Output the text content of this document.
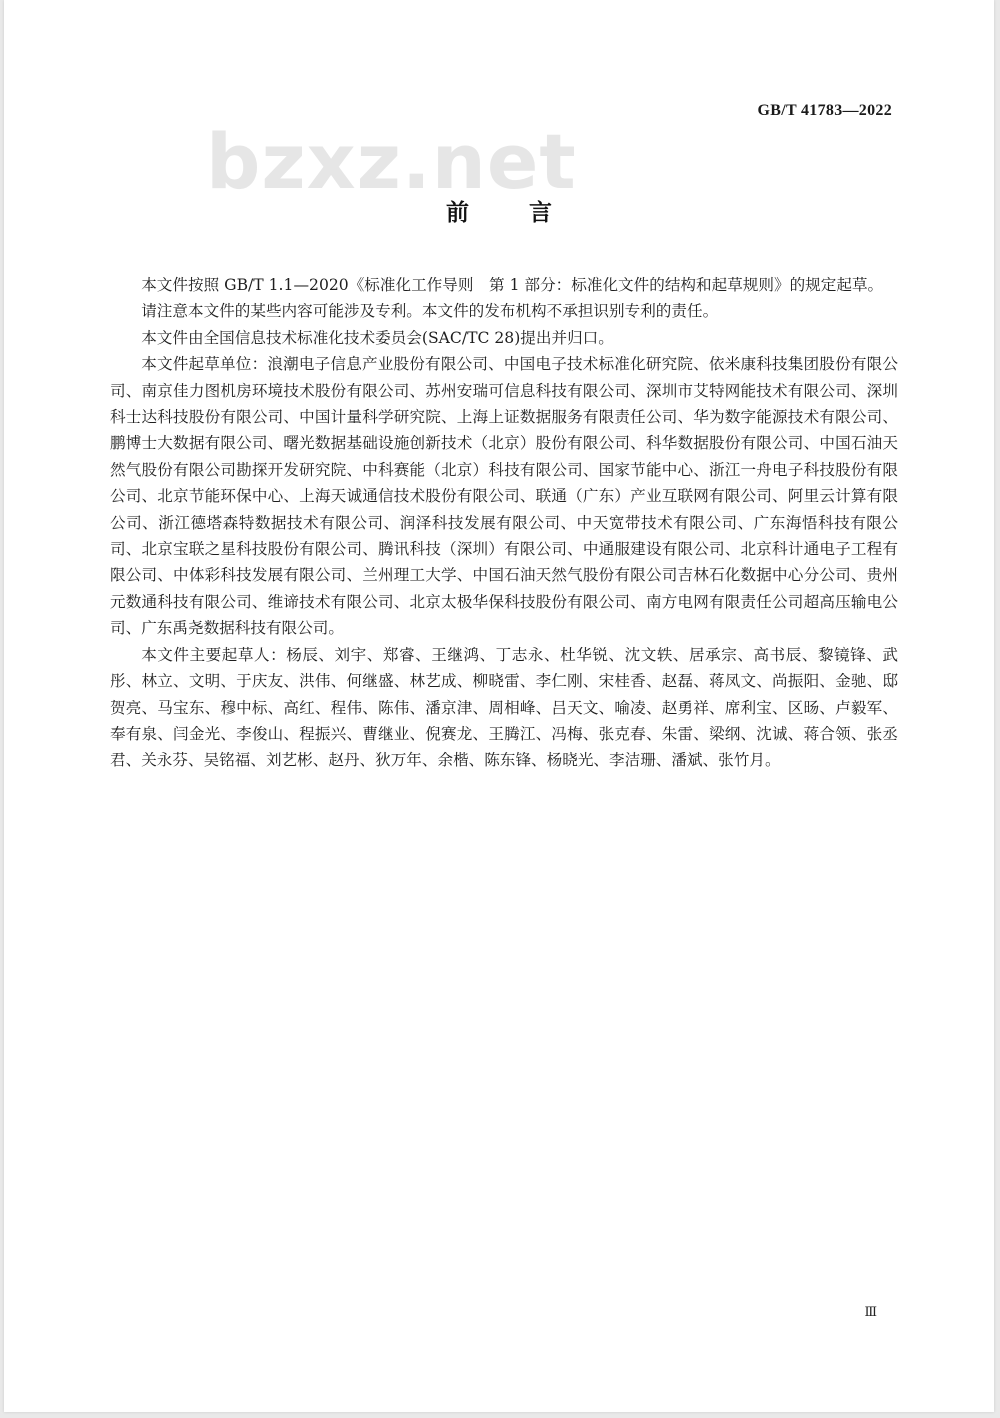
GB/T 41783—2022
bzxz.net
前 言

本文件按照 GB/T 1.1—2020《标准化工作导则　第 1 部分：标准化文件的结构和起草规则》的规定起草。

请注意本文件的某些内容可能涉及专利。本文件的发布机构不承担识别专利的责任。

本文件由全国信息技术标准化技术委员会(SAC/TC 28)提出并归口。

本文件起草单位：浪潮电子信息产业股份有限公司、中国电子技术标准化研究院、依米康科技集团股份有限公司、南京佳力图机房环境技术股份有限公司、苏州安瑞可信息科技有限公司、深圳市艾特网能技术有限公司、深圳科士达科技股份有限公司、中国计量科学研究院、上海上证数据服务有限责任公司、华为数字能源技术有限公司、鹏博士大数据有限公司、曙光数据基础设施创新技术（北京）股份有限公司、科华数据股份有限公司、中国石油天然气股份有限公司勘探开发研究院、中科赛能（北京）科技有限公司、国家节能中心、浙江一舟电子科技股份有限公司、北京节能环保中心、上海天诚通信技术股份有限公司、联通（广东）产业互联网有限公司、阿里云计算有限公司、浙江德塔森特数据技术有限公司、润泽科技发展有限公司、中天宽带技术有限公司、广东海悟科技有限公司、北京宝联之星科技股份有限公司、腾讯科技（深圳）有限公司、中通服建设有限公司、北京科计通电子工程有限公司、中体彩科技发展有限公司、兰州理工大学、中国石油天然气股份有限公司吉林石化数据中心分公司、贵州元数通科技有限公司、维谛技术有限公司、北京太极华保科技股份有限公司、南方电网有限责任公司超高压输电公司、广东禹尧数据科技有限公司。

本文件主要起草人：杨辰、刘宇、郑睿、王继鸿、丁志永、杜华锐、沈文轶、居承宗、高书辰、黎镜锋、武彤、林立、文明、于庆友、洪伟、何继盛、林艺成、柳晓雷、李仁刚、宋桂香、赵磊、蒋凤文、尚振阳、金驰、邸贺亮、马宝东、穆中标、高红、程伟、陈伟、潘京津、周相峰、吕天文、喻凌、赵勇祥、席利宝、区旸、卢毅军、奉有泉、闫金光、李俊山、程振兴、曹继业、倪赛龙、王腾江、冯梅、张克春、朱雷、梁纲、沈诚、蒋合领、张丞君、关永芬、吴铭福、刘艺彬、赵丹、狄万年、余楷、陈东锋、杨晓光、李洁珊、潘斌、张竹月。

Ⅲ
